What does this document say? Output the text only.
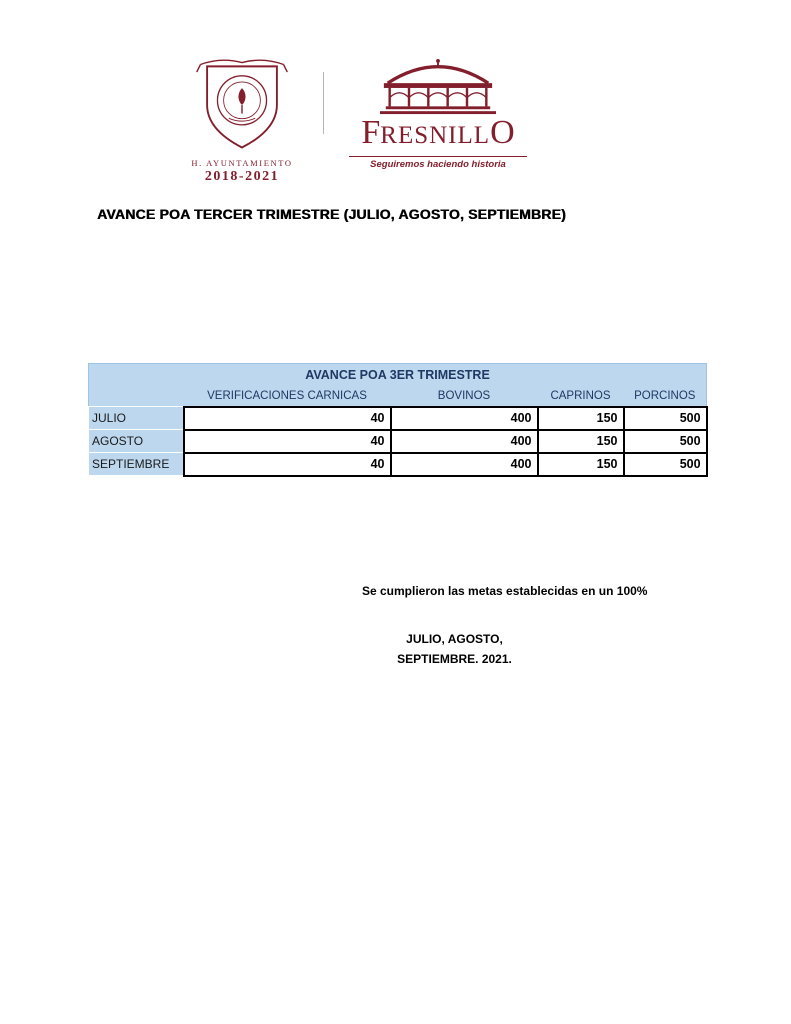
H. AYUNTAMIENTO
2018-2021
FRESNILLO
Seguiremos haciendo historia
AVANCE POA TERCER TRIMESTRE (JULIO, AGOSTO, SEPTIEMBRE)
AVANCE POA 3ER TRIMESTRE				
	VERIFICACIONES CARNICAS	BOVINOS	CAPRINOS	PORCINOS
JULIO	40	400	150	500
AGOSTO	40	400	150	500
SEPTIEMBRE	40	400	150	500
Se cumplieron las metas establecidas en un 100%
JULIO, AGOSTO,
SEPTIEMBRE. 2021.
